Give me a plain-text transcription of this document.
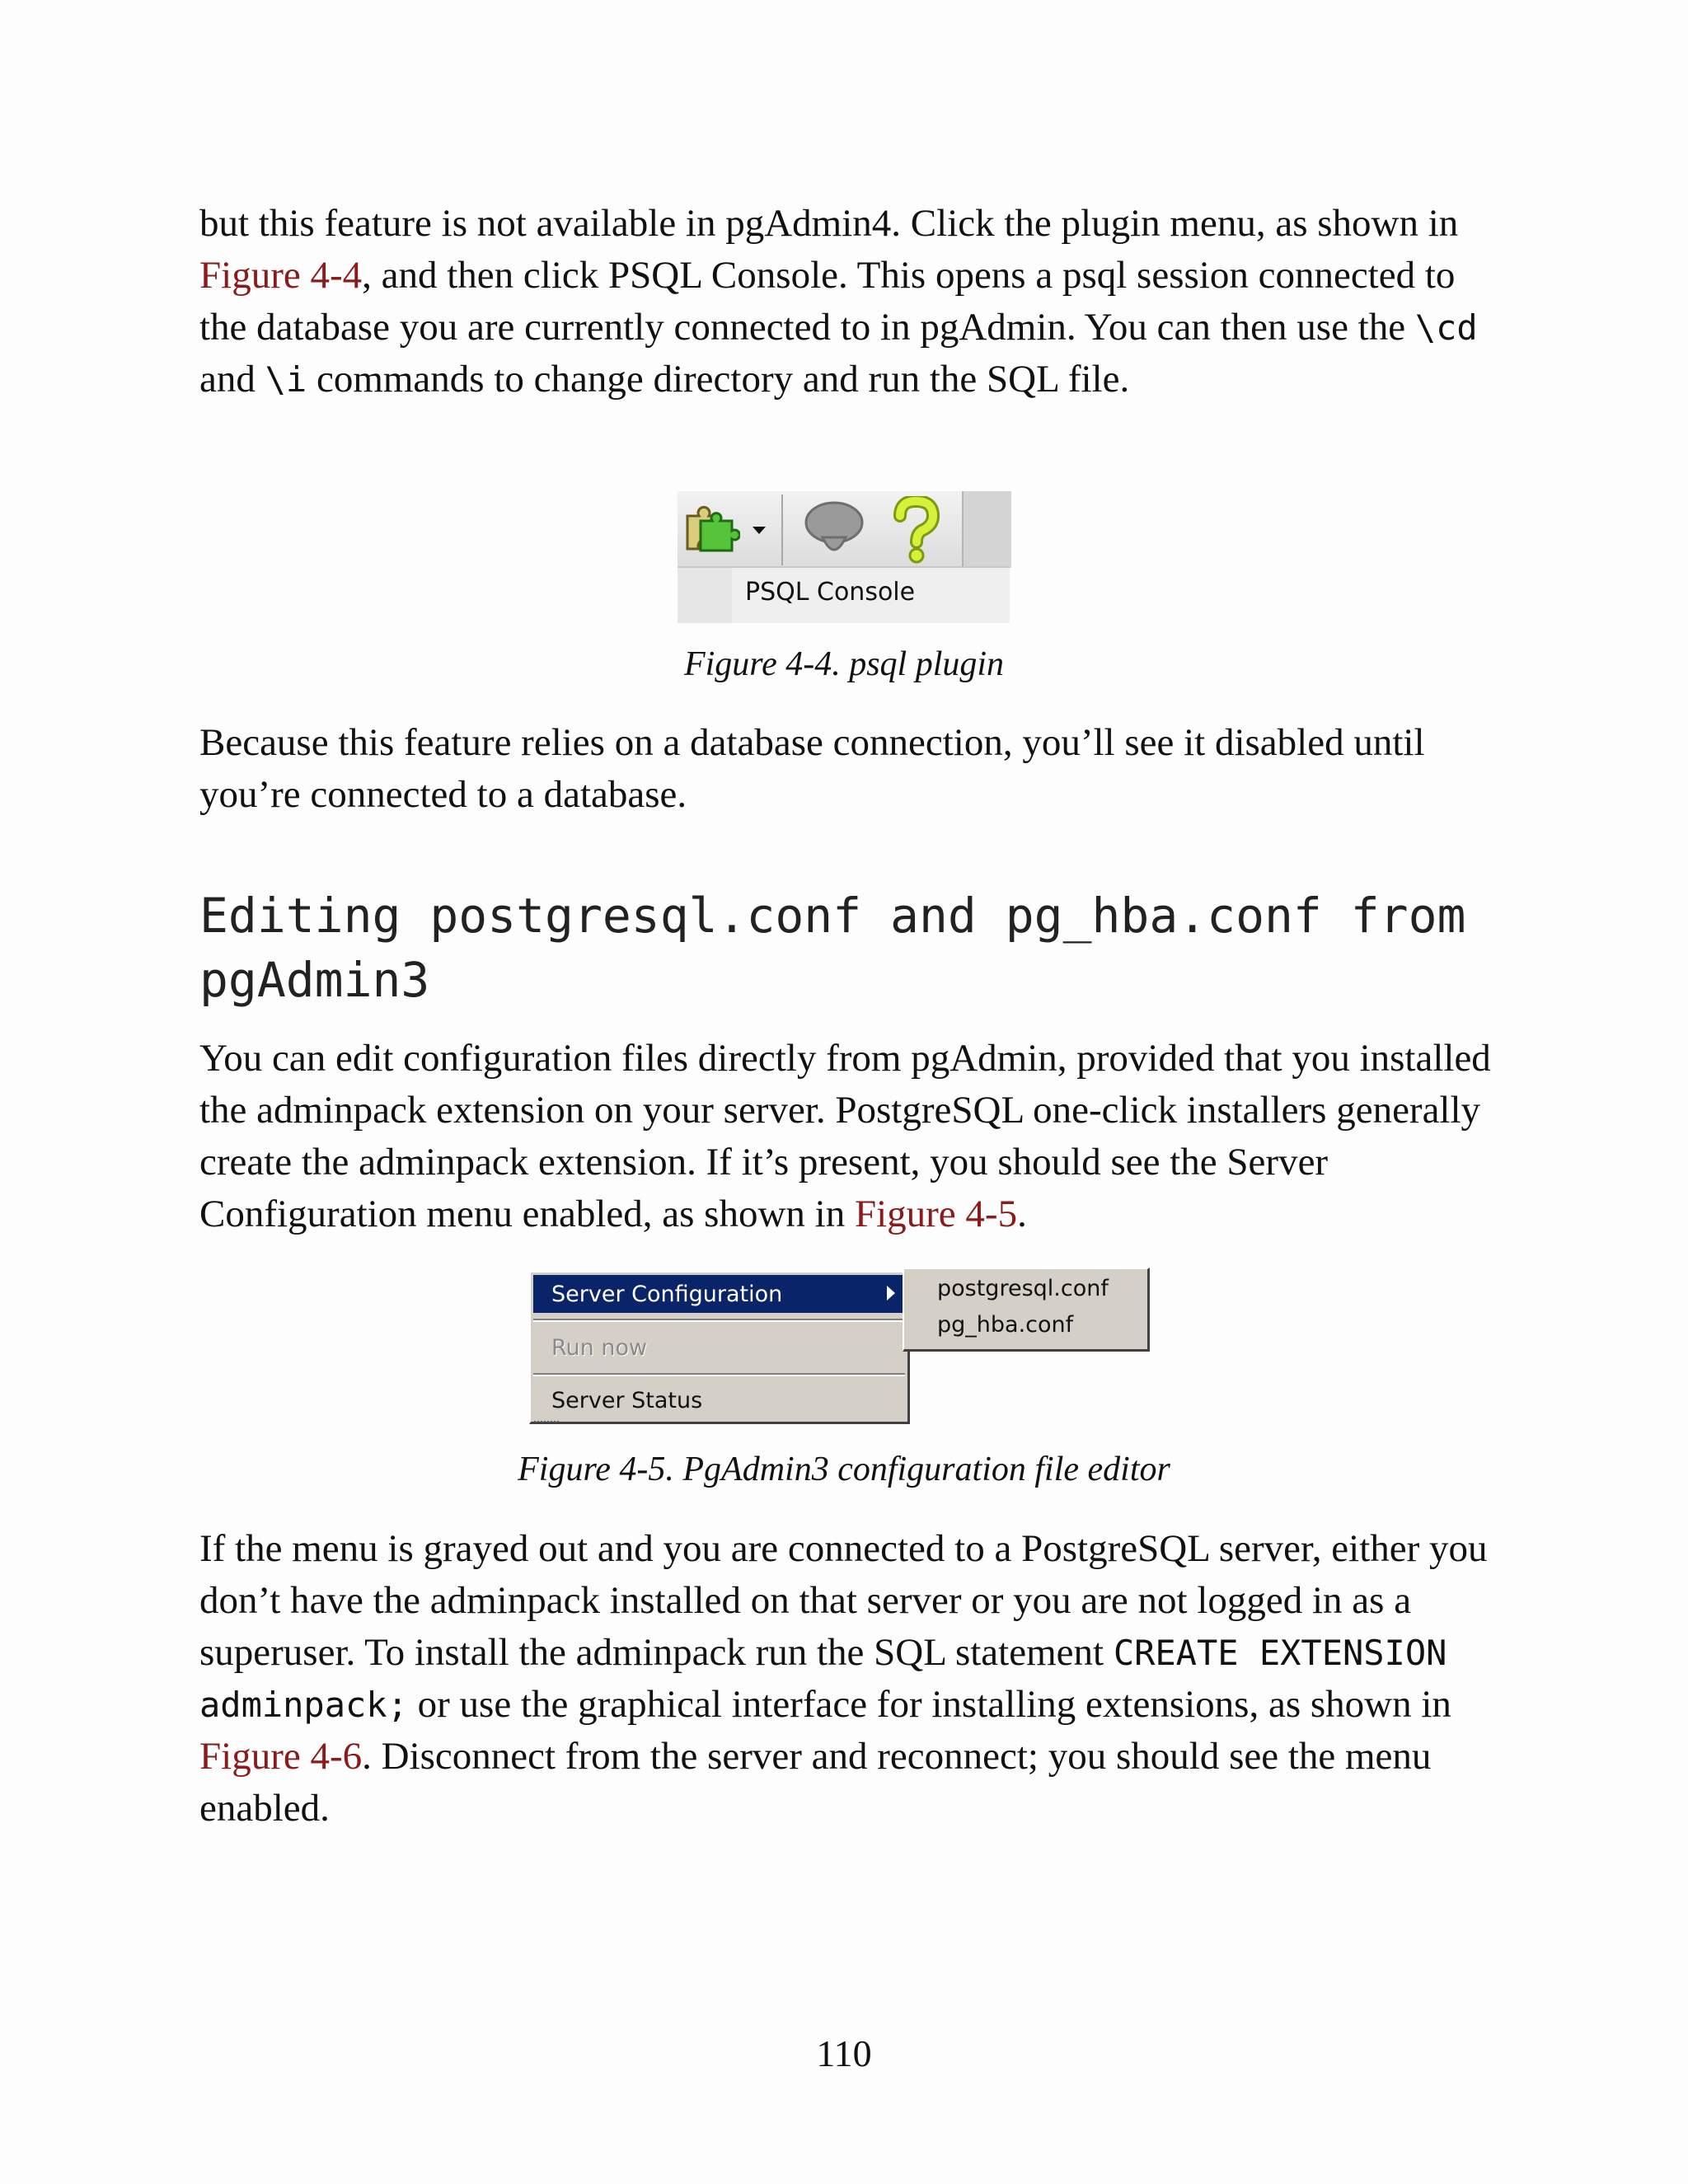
but this feature is not available in pgAdmin4. Click the plugin menu, as shown in Figure 4-4, and then click PSQL Console. This opens a psql session connected to the database you are currently connected to in pgAdmin. You can then use the \cd and \i commands to change directory and run the SQL file.

PSQL Console

Figure 4-4. psql plugin

Because this feature relies on a database connection, you’ll see it disabled until you’re connected to a database.

Editing postgresql.conf and pg_hba.conf from pgAdmin3

You can edit configuration files directly from pgAdmin, provided that you installed the adminpack extension on your server. PostgreSQL one-click installers generally create the adminpack extension. If it’s present, you should see the Server Configuration menu enabled, as shown in Figure 4-5.

Server Configuration
Run now
Server Status
postgresql.conf
pg_hba.conf

Figure 4-5. PgAdmin3 configuration file editor

If the menu is grayed out and you are connected to a PostgreSQL server, either you don’t have the adminpack installed on that server or you are not logged in as a superuser. To install the adminpack run the SQL statement CREATE EXTENSION adminpack; or use the graphical interface for installing extensions, as shown in Figure 4-6. Disconnect from the server and reconnect; you should see the menu enabled.

110
